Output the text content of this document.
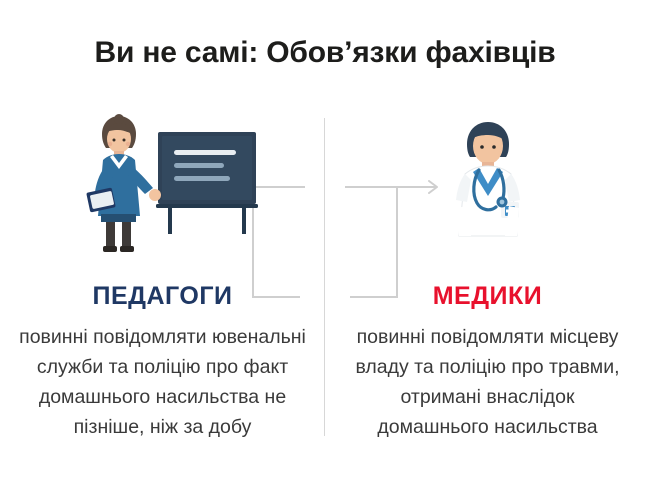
Ви не самі: Обов’язки фахівців
ПЕДАГОГИ
повинні повідомляти ювенальні
служби та поліцію про факт
домашнього насильства не
пізніше, ніж за добу
МЕДИКИ
повинні повідомляти місцеву
владу та поліцію про травми,
отримані внаслідок
домашнього насильства
